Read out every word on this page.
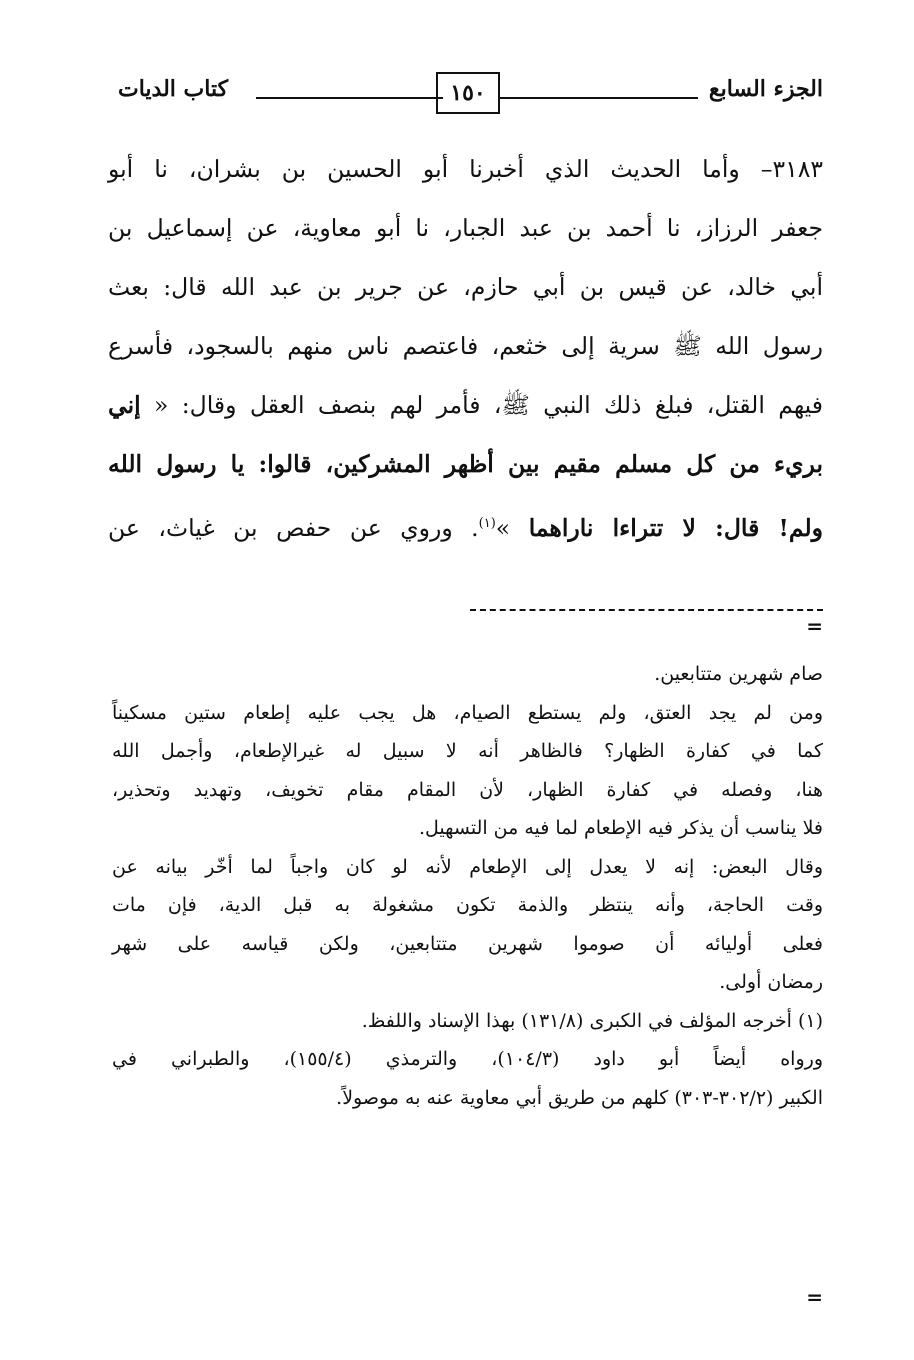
الجزء السابع
١٥٠
كتاب الديات
٣١٨٣– وأما الحديث الذي أخبرنا أبو الحسين بن بشران، نا أبو
جعفر الرزاز، نا أحمد بن عبد الجبار، نا أبو معاوية، عن إسماعيل بن
أبي خالد، عن قيس بن أبي حازم، عن جرير بن عبد الله قال: بعث
رسول الله ﷺ سرية إلى خثعم، فاعتصم ناس منهم بالسجود، فأسرع
فيهم القتل، فبلغ ذلك النبي ﷺ، فأمر لهم بنصف العقل وقال: « إني
بريء من كل مسلم مقيم بين أظهر المشركين، قالوا: يا رسول الله
ولم! قال: لا تتراءا ناراهما »$^{(١)}$. وروي عن حفص بن غياث، عن
=
صام شهرين متتابعين.
ومن لم يجد العتق، ولم يستطع الصيام، هل يجب عليه إطعام ستين مسكيناً
كما في كفارة الظهار؟ فالظاهر أنه لا سبيل له غيرالإطعام، وأجمل الله
هنا، وفصله في كفارة الظهار، لأن المقام مقام تخويف، وتهديد وتحذير،
فلا يناسب أن يذكر فيه الإطعام لما فيه من التسهيل.
وقال البعض: إنه لا يعدل إلى الإطعام لأنه لو كان واجباً لما أخّر بيانه عن
وقت الحاجة، وأنه ينتظر والذمة تكون مشغولة به قبل الدية، فإن مات
فعلى أوليائه أن صوموا شهرين متتابعين، ولكن قياسه على شهر
رمضان أولى.
(١) أخرجه المؤلف في الكبرى (١٣١/٨) بهذا الإسناد واللفظ.
ورواه أيضاً أبو داود (١٠٤/٣)، والترمذي (١٥٥/٤)، والطبراني في
الكبير (٣٠٢/٢-٣٠٣) كلهم من طريق أبي معاوية عنه به موصولاً.
=
